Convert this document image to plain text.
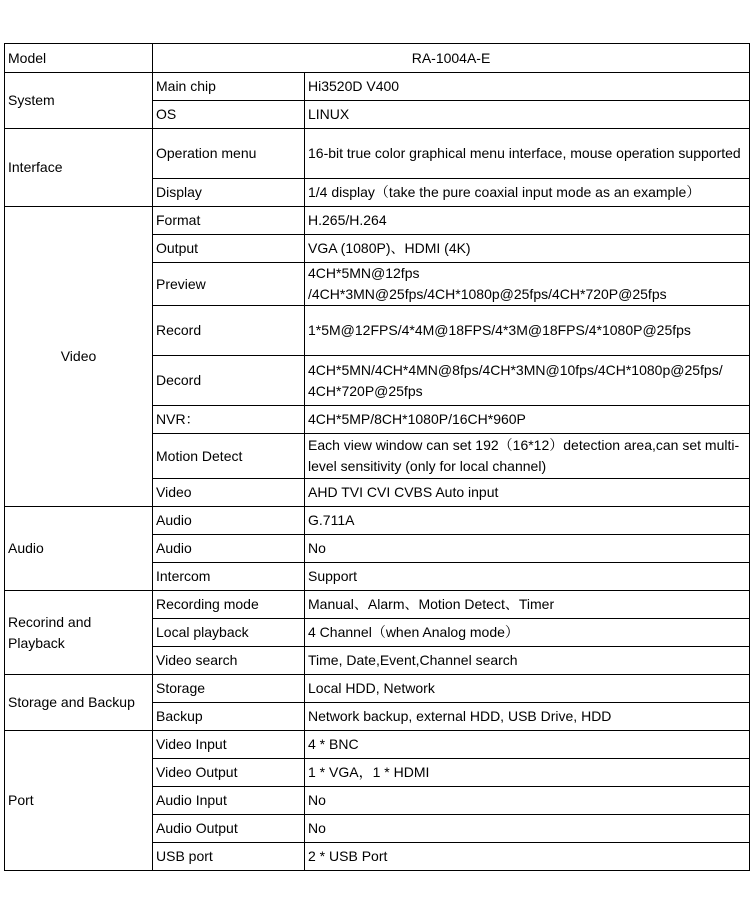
Model	RA-1004A-E	
System	Main chip	Hi3520D V400
	OS	LINUX
Interface	Operation menu	16-bit true color graphical menu interface, mouse operation supported
	Display	1/4 display（take the pure coaxial input mode as an example）
Video	Format	H.265/H.264
	Output	VGA (1080P)、HDMI (4K)
	Preview	4CH*5MN@12fps /4CH*3MN@25fps/4CH*1080p@25fps/4CH*720P@25fps
	Record	1*5M@12FPS/4*4M@18FPS/4*3M@18FPS/4*1080P@25fps
	Decord	4CH*5MN/4CH*4MN@8fps/4CH*3MN@10fps/4CH*1080p@25fps/ 4CH*720P@25fps
	NVR：	4CH*5MP/8CH*1080P/16CH*960P
	Motion Detect	Each view window can set 192（16*12）detection area,can set multi-level sensitivity (only for local channel)
	Video	AHD TVI CVI CVBS Auto input
Audio	Audio	G.711A
	Audio	No
	Intercom	Support
Recorind and Playback	Recording mode	Manual、Alarm、Motion Detect、Timer
	Local playback	4 Channel（when Analog mode）
	Video search	Time, Date,Event,Channel search
Storage and Backup	Storage	Local HDD, Network
	Backup	Network backup, external HDD, USB Drive, HDD
Port	Video Input	4 * BNC
	Video Output	1 * VGA，1 * HDMI
	Audio Input	No
	Audio Output	No
	USB port	2 * USB Port
